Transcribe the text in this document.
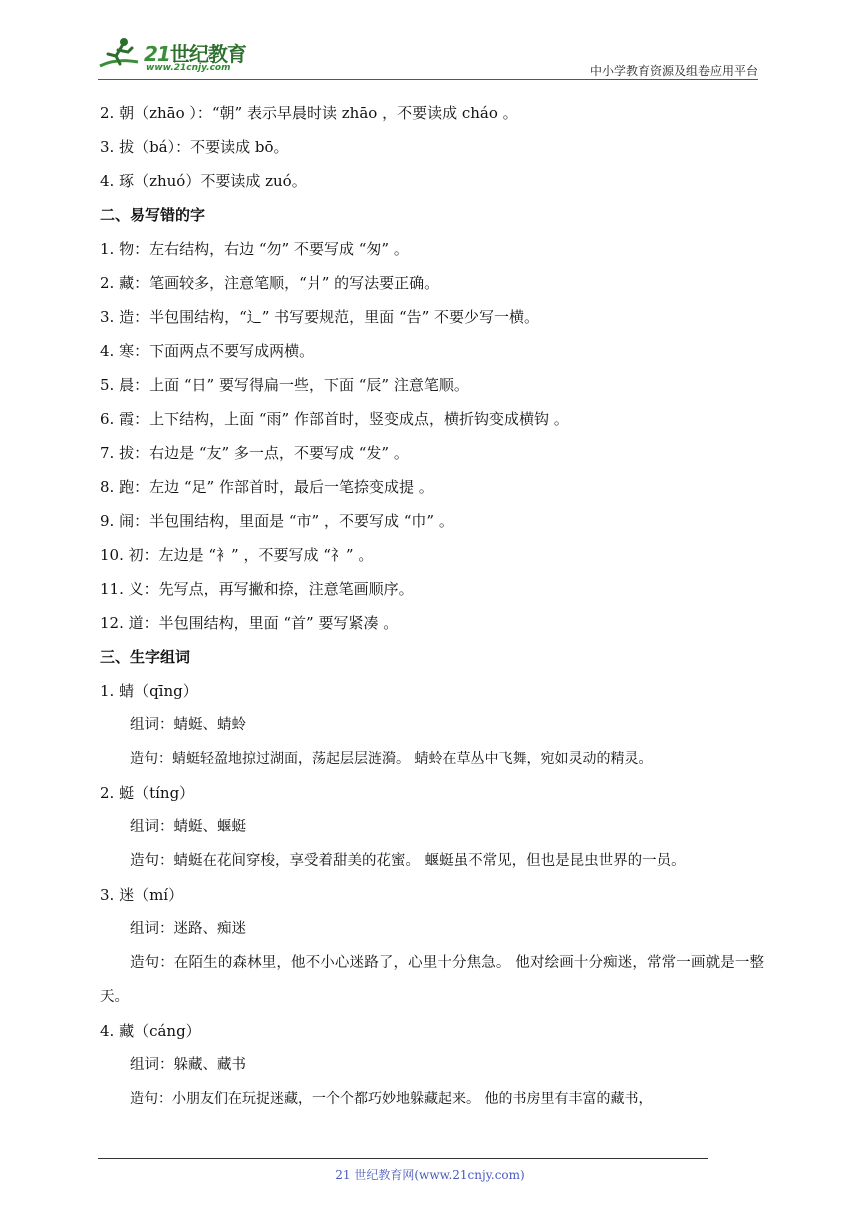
21世纪教育
www.21cnjy.com	中小学教育资源及组卷应用平台
2. 朝（zhāo ）：“朝” 表示早晨时读 zhāo ，不要读成 cháo 。
3. 拔（bá）：不要读成 bō。
4. 琢（zhuó）不要读成 zuó。
二、易写错的字
1. 物：左右结构，右边 “勿” 不要写成 “匆” 。
2. 藏：笔画较多，注意笔顺，“爿” 的写法要正确。
3. 造：半包围结构，“辶” 书写要规范，里面 “告” 不要少写一横。
4. 寒：下面两点不要写成两横。
5. 晨：上面 “日” 要写得扁一些，下面 “辰” 注意笔顺。
6. 霞：上下结构，上面 “雨” 作部首时，竖变成点，横折钩变成横钩 。
7. 拔：右边是 “友” 多一点，不要写成 “发” 。
8. 跑：左边 “足” 作部首时，最后一笔捺变成提 。
9. 闹：半包围结构，里面是 “市” ，不要写成 “巾” 。
10. 初：左边是 “衤” ，不要写成 “礻” 。
11. 义：先写点，再写撇和捺，注意笔画顺序。
12. 道：半包围结构，里面 “首” 要写紧凑 。
三、生字组词
1. 蜻（qīng）
组词：蜻蜓、蜻蛉
造句：蜻蜓轻盈地掠过湖面，荡起层层涟漪。 蜻蛉在草丛中飞舞，宛如灵动的精灵。
2. 蜓（tíng）
组词：蜻蜓、蝘蜓
造句：蜻蜓在花间穿梭，享受着甜美的花蜜。 蝘蜓虽不常见，但也是昆虫世界的一员。
3. 迷（mí）
组词：迷路、痴迷
造句：在陌生的森林里，他不小心迷路了，心里十分焦急。 他对绘画十分痴迷，常常一画就是一整天。
4. 藏（cáng）
组词：躲藏、藏书
造句：小朋友们在玩捉迷藏，一个个都巧妙地躲藏起来。 他的书房里有丰富的藏书，
21 世纪教育网(www.21cnjy.com)
